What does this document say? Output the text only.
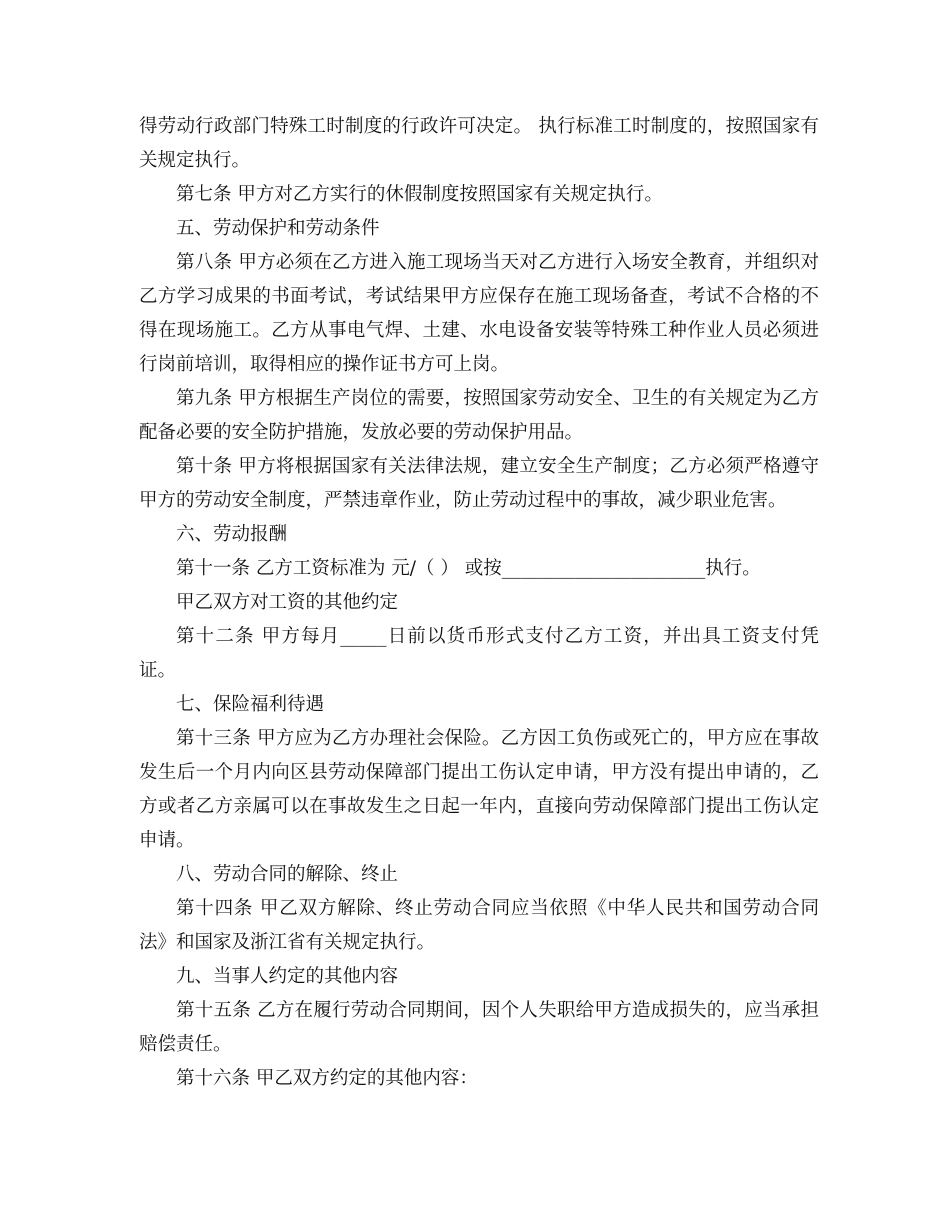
得劳动行政部门特殊工时制度的行政许可决定。 执行标准工时制度的，按照国家有关规定执行。

第七条 甲方对乙方实行的休假制度按照国家有关规定执行。

五、劳动保护和劳动条件

第八条 甲方必须在乙方进入施工现场当天对乙方进行入场安全教育，并组织对乙方学习成果的书面考试，考试结果甲方应保存在施工现场备查，考试不合格的不得在现场施工。乙方从事电气焊、土建、水电设备安装等特殊工种作业人员必须进行岗前培训，取得相应的操作证书方可上岗。

第九条 甲方根据生产岗位的需要，按照国家劳动安全、卫生的有关规定为乙方配备必要的安全防护措施，发放必要的劳动保护用品。

第十条 甲方将根据国家有关法律法规，建立安全生产制度；乙方必须严格遵守甲方的劳动安全制度，严禁违章作业，防止劳动过程中的事故，减少职业危害。

六、劳动报酬

第十一条 乙方工资标准为 元/（ ） 或按______________________执行。

甲乙双方对工资的其他约定

第十二条 甲方每月_____日前以货币形式支付乙方工资，并出具工资支付凭证。

七、保险福利待遇

第十三条 甲方应为乙方办理社会保险。乙方因工负伤或死亡的，甲方应在事故发生后一个月内向区县劳动保障部门提出工伤认定申请，甲方没有提出申请的，乙方或者乙方亲属可以在事故发生之日起一年内，直接向劳动保障部门提出工伤认定申请。

八、劳动合同的解除、终止

第十四条 甲乙双方解除、终止劳动合同应当依照《中华人民共和国劳动合同法》和国家及浙江省有关规定执行。

九、当事人约定的其他内容

第十五条 乙方在履行劳动合同期间，因个人失职给甲方造成损失的，应当承担赔偿责任。

第十六条 甲乙双方约定的其他内容：
